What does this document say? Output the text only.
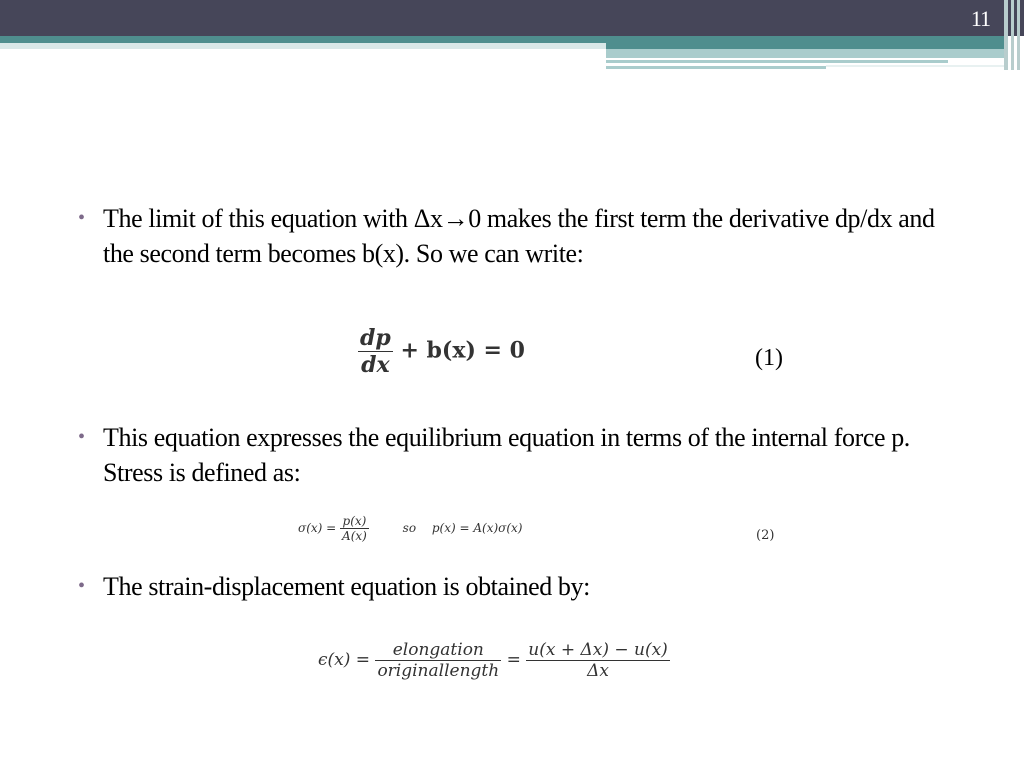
11
• The limit of this equation with Δx→0 makes the first term the derivative dp/dx and the second term becomes b(x). So we can write:
$\frac{dp}{dx} + b(x) = 0$	(1)
• This equation expresses the equilibrium equation in terms of the internal force p. Stress is defined as:
$\sigma(x) = \frac{p(x)}{A(x)}$	so p(x) = A(x)σ(x)	(2)
• The strain-displacement equation is obtained by:
$\epsilon(x) = \frac{\text{elongation}}{\text{originallength}} = \frac{u(x + \Delta x) - u(x)}{\Delta x}$
